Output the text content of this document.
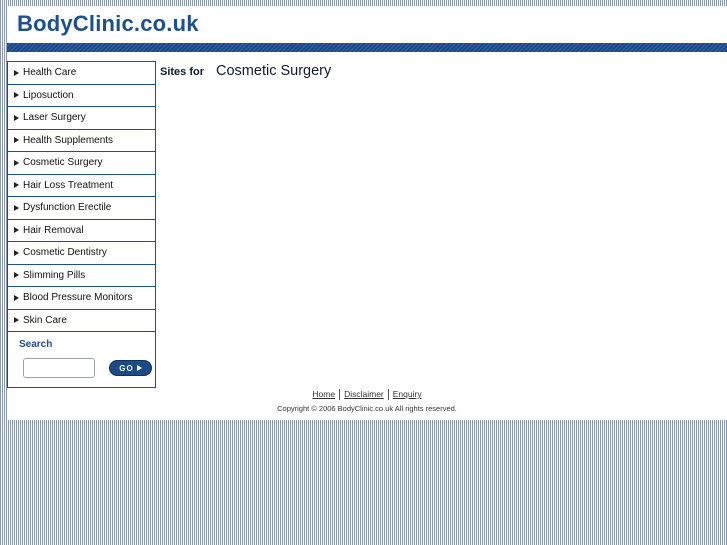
BodyClinic.co.uk
Health Care
Liposuction
Laser Surgery
Health Supplements
Cosmetic Surgery
Hair Loss Treatment
Dysfunction Erectile
Hair Removal
Cosmetic Dentistry
Slimming Pills
Blood Pressure Monitors
Skin Care
Search
GO
Sites for Cosmetic Surgery
Home Disclaimer Enquiry
Copyright © 2006 BodyClinic.co.uk All rights reserved.
